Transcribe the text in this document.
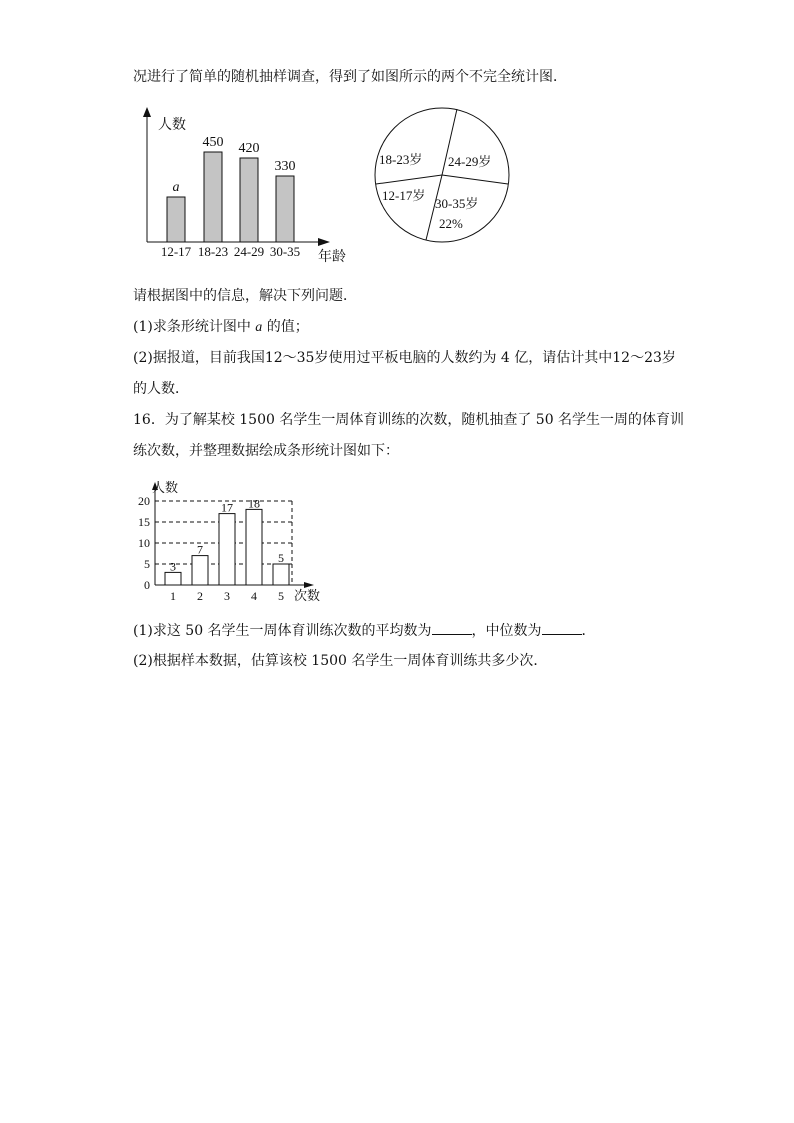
况进行了简单的随机抽样调查，得到了如图所示的两个不完全统计图．
人数
年龄
a
12-17
450
18-23
420
24-29
330
30-35
18-23岁 24-29岁
30-35岁
22%
12-17岁
请根据图中的信息，解决下列问题．
(1)求条形统计图中 a 的值；
(2)据报道，目前我国12～35岁使用过平板电脑的人数约为 4 亿，请估计其中12～23岁
的人数．
16．为了解某校 1500 名学生一周体育训练的次数，随机抽查了 50 名学生一周的体育训
练次数，并整理数据绘成条形统计图如下：
人数
次数
0
5
10
15
20
3
1
7
2
17
3
18
4
5
5
(1)求这 50 名学生一周体育训练次数的平均数为	，中位数为	．
(2)根据样本数据，估算该校 1500 名学生一周体育训练共多少次．
